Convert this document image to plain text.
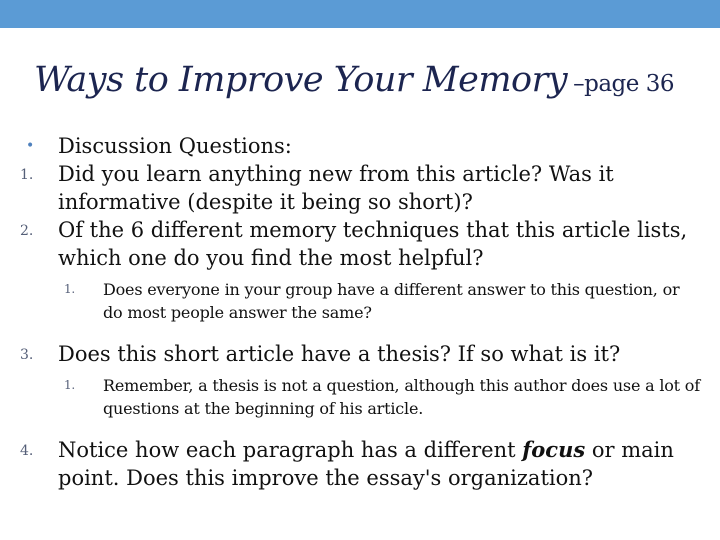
Ways to Improve Your Memory –page 36
• Discussion Questions:
1. Did you learn anything new from this article? Was it informative (despite it being so short)?
2. Of the 6 different memory techniques that this article lists, which one do you find the most helpful?
1. Does everyone in your group have a different answer to this question, or do most people answer the same?
3. Does this short article have a thesis? If so what is it?
1. Remember, a thesis is not a question, although this author does use a lot of questions at the beginning of his article.
4. Notice how each paragraph has a different focus or main point. Does this improve the essay's organization?
